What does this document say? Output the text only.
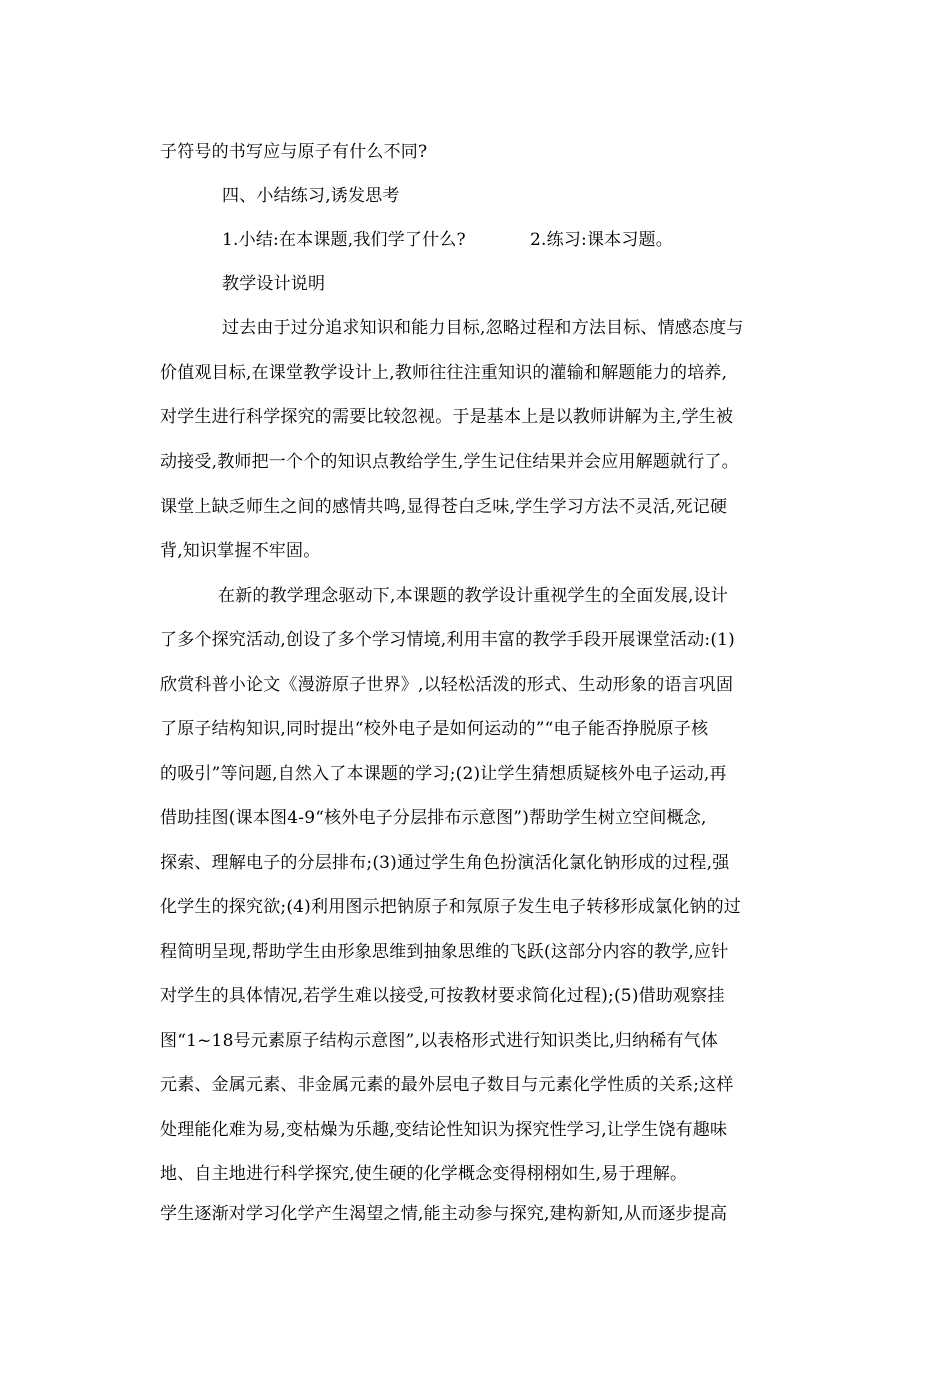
子符号的书写应与原子有什么不同?
四、小结练习,诱发思考
1.小结:在本课题,我们学了什么?	2.练习:课本习题。
教学设计说明
过去由于过分追求知识和能力目标,忽略过程和方法目标、情感态度与
价值观目标,在课堂教学设计上,教师往往注重知识的灌输和解题能力的培养,
对学生进行科学探究的需要比较忽视。于是基本上是以教师讲解为主,学生被
动接受,教师把一个个的知识点教给学生,学生记住结果并会应用解题就行了。
课堂上缺乏师生之间的感情共鸣,显得苍白乏味,学生学习方法不灵活,死记硬
背,知识掌握不牢固。
在新的教学理念驱动下,本课题的教学设计重视学生的全面发展,设计
了多个探究活动,创设了多个学习情境,利用丰富的教学手段开展课堂活动:(1)
欣赏科普小论文《漫游原子世界》,以轻松活泼的形式、生动形象的语言巩固
了原子结构知识,同时提出“校外电子是如何运动的”“电子能否挣脱原子核
的吸引”等问题,自然入了本课题的学习;(2)让学生猜想质疑核外电子运动,再
借助挂图(课本图4-9“核外电子分层排布示意图”)帮助学生树立空间概念,
探索、理解电子的分层排布;(3)通过学生角色扮演活化氯化钠形成的过程,强
化学生的探究欲;(4)利用图示把钠原子和氖原子发生电子转移形成氯化钠的过
程简明呈现,帮助学生由形象思维到抽象思维的飞跃(这部分内容的教学,应针
对学生的具体情况,若学生难以接受,可按教材要求简化过程);(5)借助观察挂
图“1~18号元素原子结构示意图”,以表格形式进行知识类比,归纳稀有气体
元素、金属元素、非金属元素的最外层电子数目与元素化学性质的关系;这样
处理能化难为易,变枯燥为乐趣,变结论性知识为探究性学习,让学生饶有趣味
地、自主地进行科学探究,使生硬的化学概念变得栩栩如生,易于理解。
学生逐渐对学习化学产生渴望之情,能主动参与探究,建构新知,从而逐步提高
